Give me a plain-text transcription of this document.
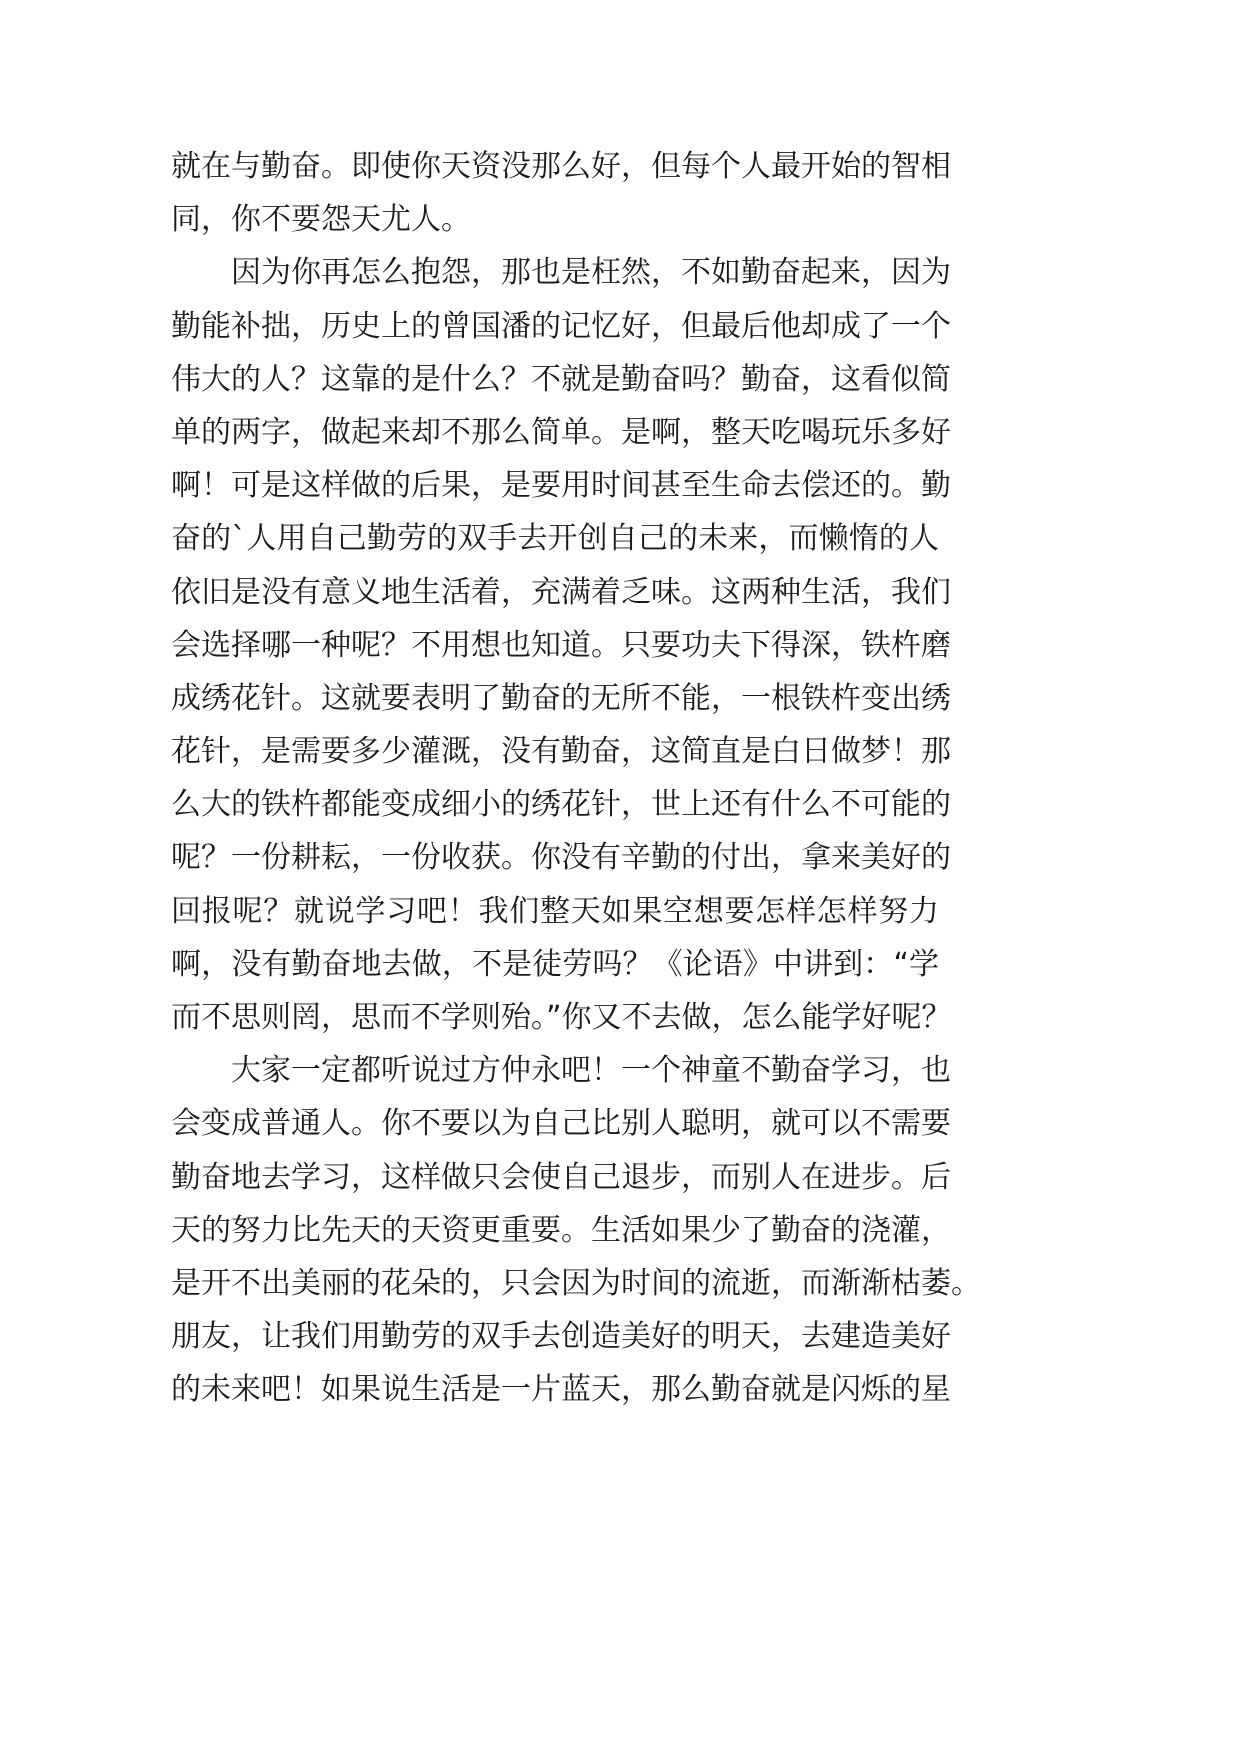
就在与勤奋。即使你天资没那么好，但每个人最开始的智相
同，你不要怨天尤人。
　　因为你再怎么抱怨，那也是枉然，不如勤奋起来，因为
勤能补拙，历史上的曾国潘的记忆好，但最后他却成了一个
伟大的人？这靠的是什么？不就是勤奋吗？勤奋，这看似简
单的两字，做起来却不那么简单。是啊，整天吃喝玩乐多好
啊！可是这样做的后果，是要用时间甚至生命去偿还的。勤
奋的`人用自己勤劳的双手去开创自己的未来，而懒惰的人
依旧是没有意义地生活着，充满着乏味。这两种生活，我们
会选择哪一种呢？不用想也知道。只要功夫下得深，铁杵磨
成绣花针。这就要表明了勤奋的无所不能，一根铁杵变出绣
花针，是需要多少灌溉，没有勤奋，这简直是白日做梦！那
么大的铁杵都能变成细小的绣花针，世上还有什么不可能的
呢？一份耕耘，一份收获。你没有辛勤的付出，拿来美好的
回报呢？就说学习吧！我们整天如果空想要怎样怎样努力
啊，没有勤奋地去做，不是徒劳吗？《论语》中讲到：“学
而不思则罔，思而不学则殆。”你又不去做，怎么能学好呢？
　　大家一定都听说过方仲永吧！一个神童不勤奋学习，也
会变成普通人。你不要以为自己比别人聪明，就可以不需要
勤奋地去学习，这样做只会使自己退步，而别人在进步。后
天的努力比先天的天资更重要。生活如果少了勤奋的浇灌，
是开不出美丽的花朵的，只会因为时间的流逝，而渐渐枯萎。
朋友，让我们用勤劳的双手去创造美好的明天，去建造美好
的未来吧！如果说生活是一片蓝天，那么勤奋就是闪烁的星
